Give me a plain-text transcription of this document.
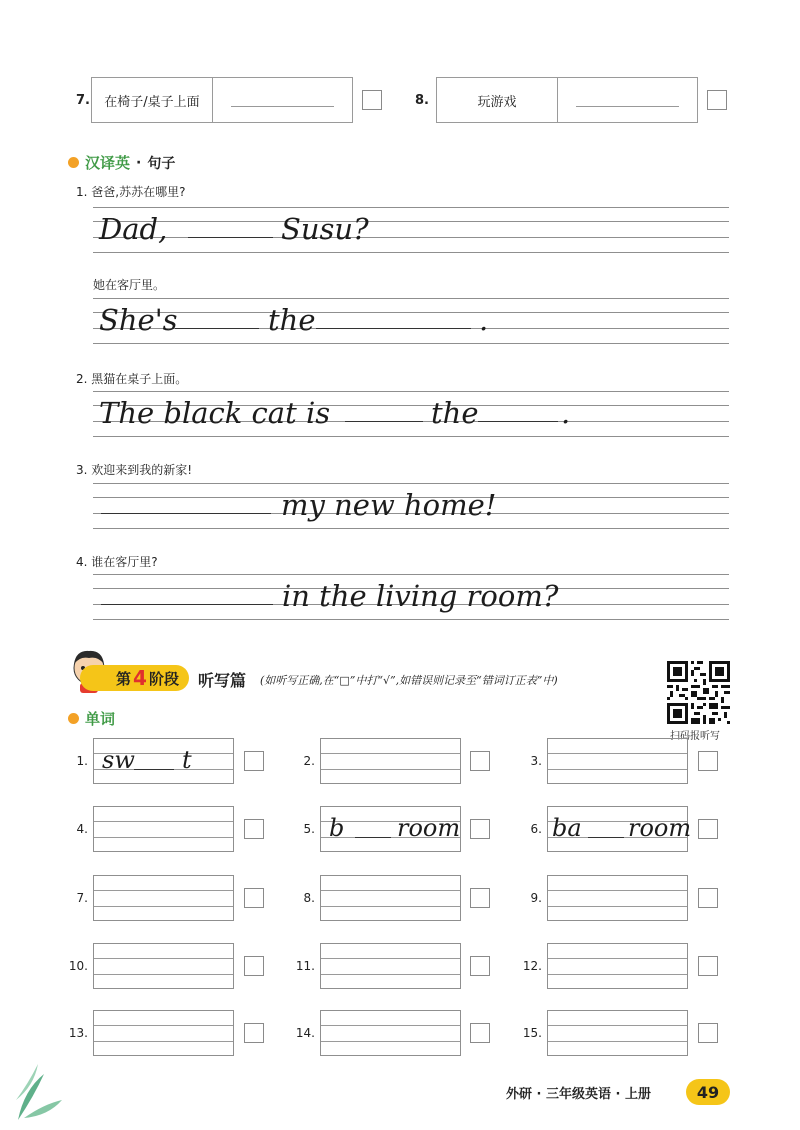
7.	在椅子/桌子上面	8.	玩游戏
汉译英 · 句子
1. 爸爸,苏苏在哪里?
Dad,	Susu?
她在客厅里。
She's	the	.
2. 黑猫在桌子上面。
The black cat is	the	.
3. 欢迎来到我的新家!
my new home!
4. 谁在客厅里?
in the living room?
第 4 阶段 听写篇 (如听写正确,在“□”中打“√”,如错误则记录至“错词订正表”中)
扫码报听写
单词
1. sw t	2.	3.
4.	5. b room	6. ba room
7.	8.	9.
10.	11.	12.
13.	14.	15.
外研 · 三年级英语 · 上册	49
